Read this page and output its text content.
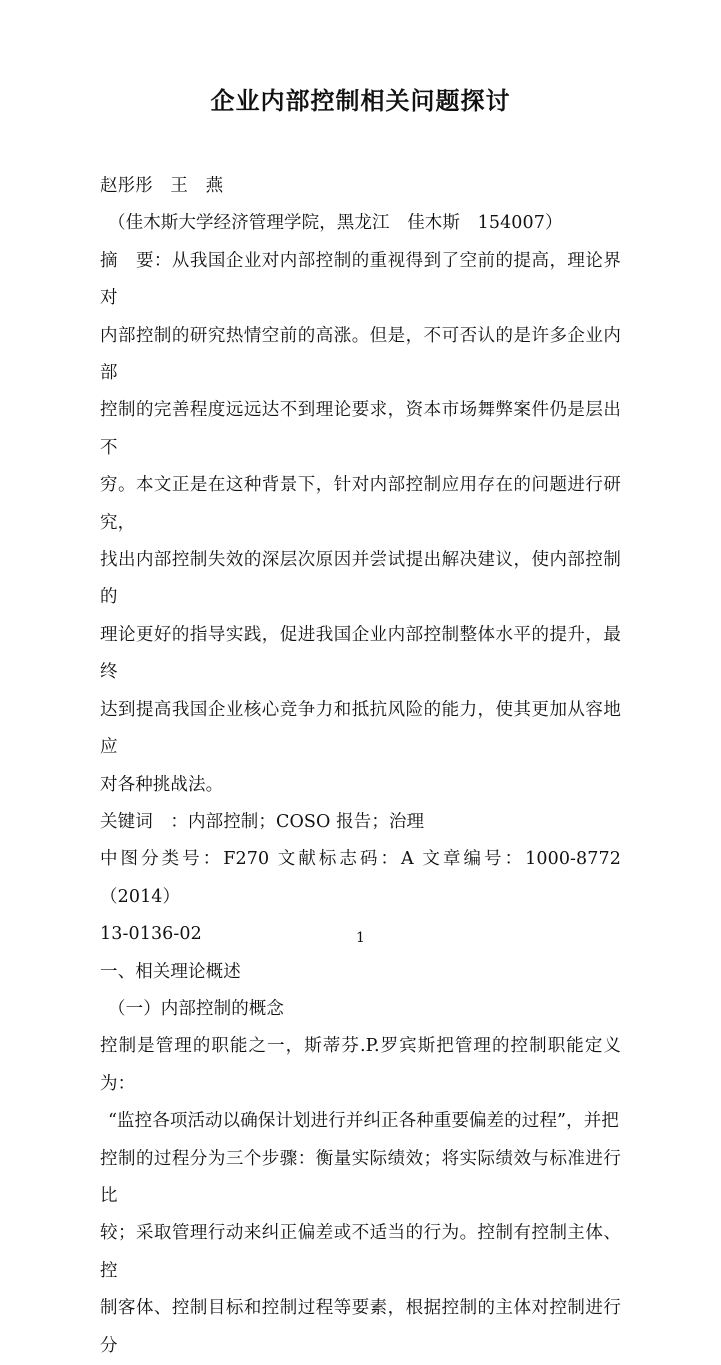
企业内部控制相关问题探讨

赵彤彤　王　燕

（佳木斯大学经济管理学院，黑龙江　佳木斯　154007）

摘　要：从我国企业对内部控制的重视得到了空前的提高，理论界对

内部控制的研究热情空前的高涨。但是，不可否认的是许多企业内部

控制的完善程度远远达不到理论要求，资本市场舞弊案件仍是层出不

穷。本文正是在这种背景下，针对内部控制应用存在的问题进行研究，

找出内部控制失效的深层次原因并尝试提出解决建议，使内部控制的

理论更好的指导实践，促进我国企业内部控制整体水平的提升，最终

达到提高我国企业核心竞争力和抵抗风险的能力，使其更加从容地应

对各种挑战法。

关键词　：内部控制；COSO 报告；治理

中图分类号：F270 文献标志码：A 文章编号：1000-8772（2014）

13-0136-02

一、相关理论概述

（一）内部控制的概念

控制是管理的职能之一，斯蒂芬.P.罗宾斯把管理的控制职能定义为：

“监控各项活动以确保计划进行并纠正各种重要偏差的过程”，并把

控制的过程分为三个步骤：衡量实际绩效；将实际绩效与标准进行比

较；采取管理行动来纠正偏差或不适当的行为。控制有控制主体、控

制客体、控制目标和控制过程等要素，根据控制的主体对控制进行分

1
